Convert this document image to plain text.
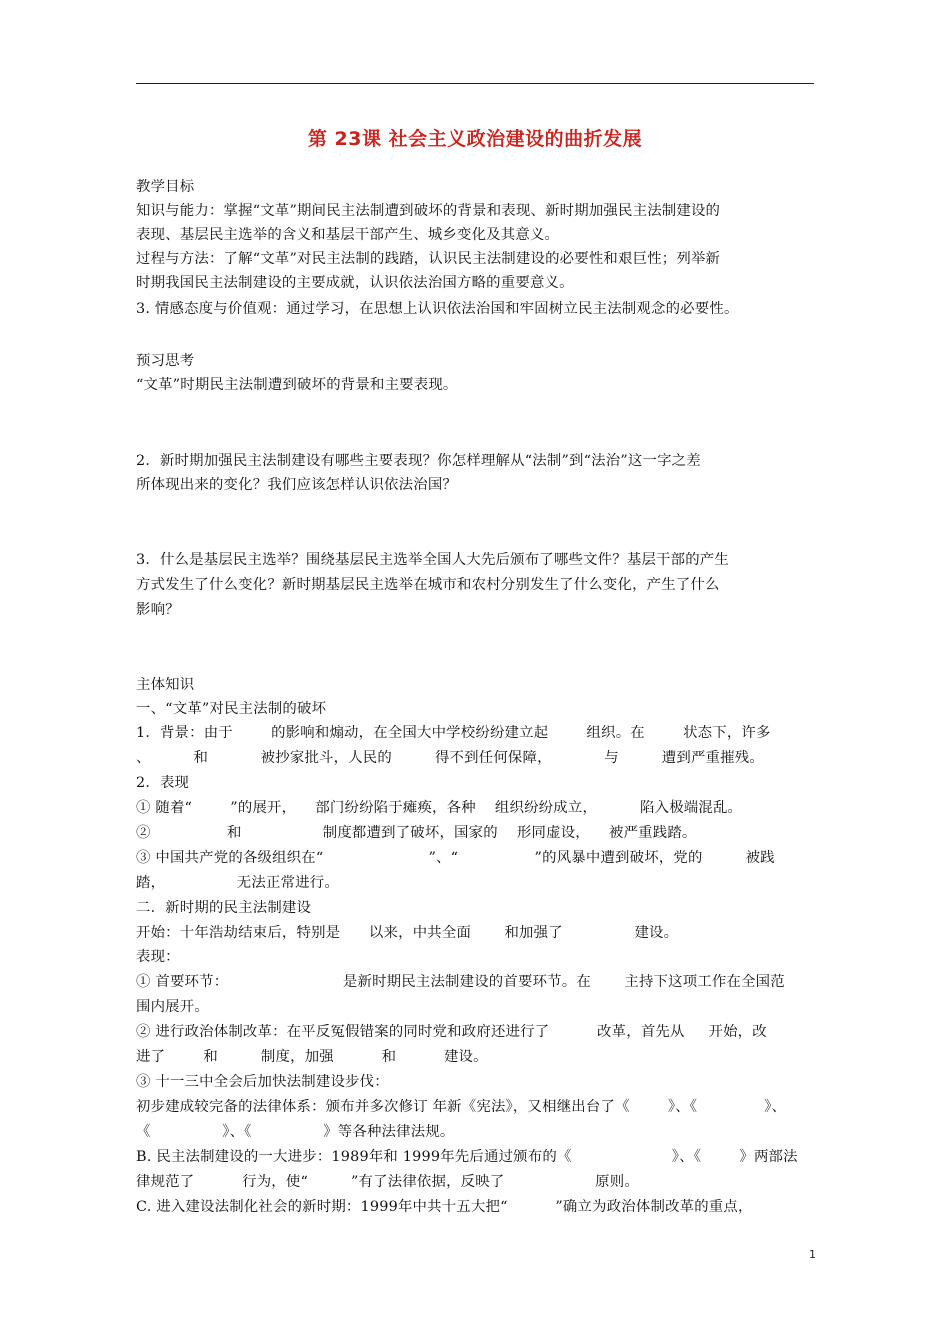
第 23课 社会主义政治建设的曲折发展
教学目标
知识与能力：掌握“文革”期间民主法制遭到破坏的背景和表现、新时期加强民主法制建设的
表现、基层民主选举的含义和基层干部产生、城乡变化及其意义。
过程与方法：了解“文革”对民主法制的践踏，认识民主法制建设的必要性和艰巨性；列举新
时期我国民主法制建设的主要成就，认识依法治国方略的重要意义。
3. 情感态度与价值观：通过学习，在思想上认识依法治国和牢固树立民主法制观念的必要性。
预习思考
“文革”时期民主法制遭到破坏的背景和主要表现。
2．新时期加强民主法制建设有哪些主要表现？你怎样理解从“法制”到“法治”这一字之差
所体现出来的变化？我们应该怎样认识依法治国？
3．什么是基层民主选举？围绕基层民主选举全国人大先后颁布了哪些文件？基层干部的产生
方式发生了什么变化？新时期基层民主选举在城市和农村分别发生了什么变化，产生了什么
影响？
主体知识
一、“文革”对民主法制的破坏
1．背景：由于        的影响和煽动，在全国大中学校纷纷建立起        组织。在        状态下，许多
、         和           被抄家批斗，人民的         得不到任何保障，           与         遭到严重摧残。
2．表现
① 随着“        ”的展开，    部门纷纷陷于瘫痪，各种    组织纷纷成立，         陷入极端混乱。
②                和                 制度都遭到了破坏，国家的    形同虚设，    被严重践踏。
③ 中国共产党的各级组织在“                      ”、“                ”的风暴中遭到破坏，党的         被践
踏，               无法正常进行。
二．新时期的民主法制建设
开始：十年浩劫结束后，特别是      以来，中共全面       和加强了               建设。
表现：
① 首要环节：                        是新时期民主法制建设的首要环节。在       主持下这项工作在全国范
围内展开。
② 进行政治体制改革：在平反冤假错案的同时党和政府还进行了          改革，首先从     开始，改
进了        和         制度，加强          和          建设。
③ 十一三中全会后加快法制建设步伐：
初步建成较完备的法律体系：颁布并多次修订 年新《宪法》，又相继出台了《        》、《              》、
《               》、《               》等各种法律法规。
B. 民主法制建设的一大进步：1989年和 1999年先后通过颁布的《                     》、《        》两部法
律规范了          行为，使“         ”有了法律依据，反映了                   原则。
C. 进入建设法制化社会的新时期：1999年中共十五大把“          ”确立为政治体制改革的重点，
1
